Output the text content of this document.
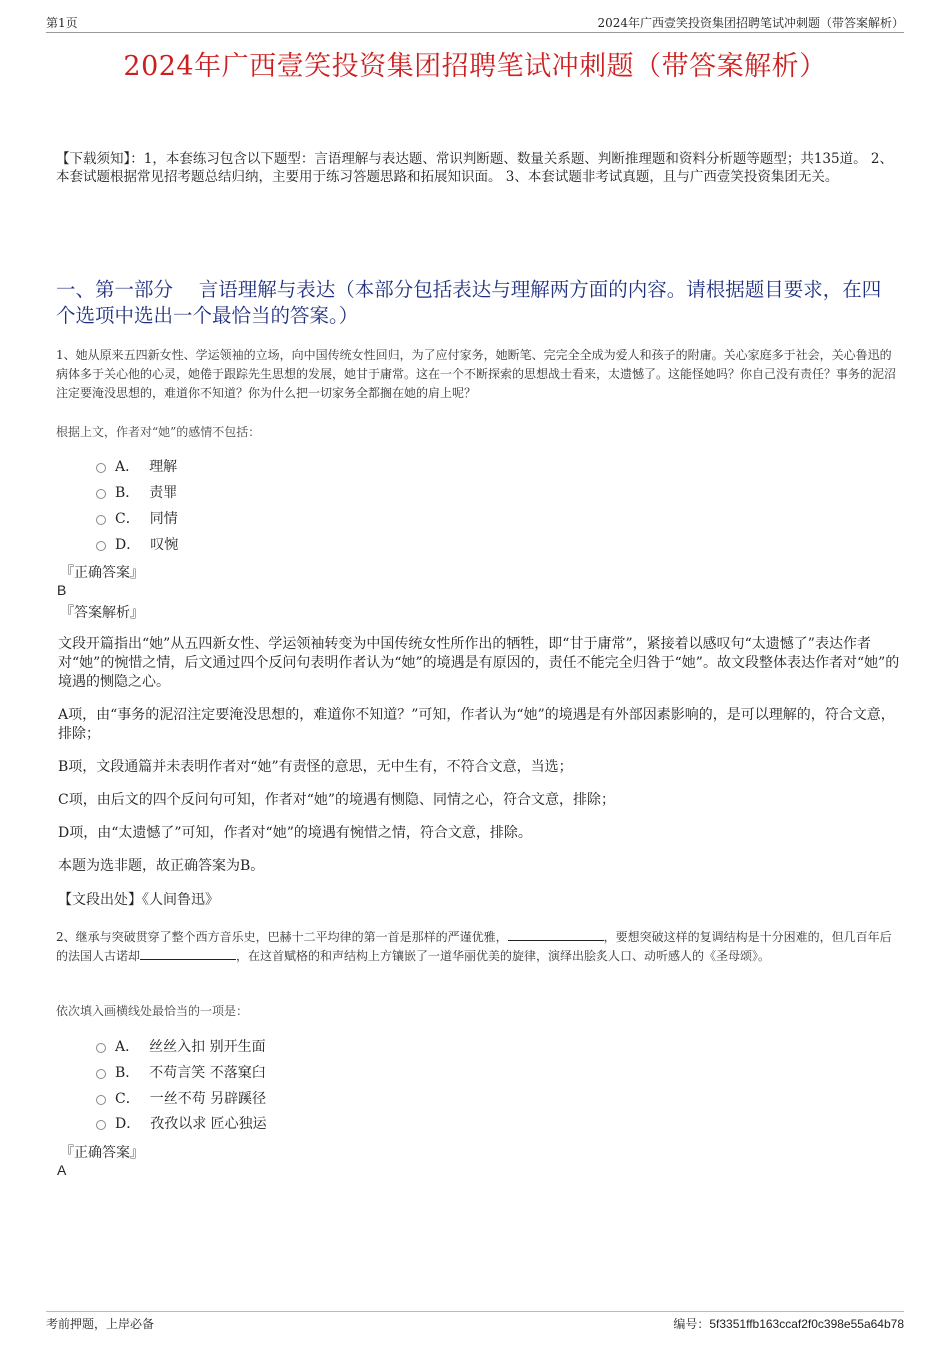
第1页	2024年广西壹笑投资集团招聘笔试冲刺题（带答案解析）
2024年广西壹笑投资集团招聘笔试冲刺题（带答案解析）
【下载须知】：1，本套练习包含以下题型：言语理解与表达题、常识判断题、数量关系题、判断推理题和资料分析题等题型；共135道。 2、本套试题根据常见招考题总结归纳，主要用于练习答题思路和拓展知识面。 3、本套试题非考试真题，且与广西壹笑投资集团无关。
一、第一部分　 言语理解与表达（本部分包括表达与理解两方面的内容。请根据题目要求，在四个选项中选出一个最恰当的答案。）
1、她从原来五四新女性、学运领袖的立场，向中国传统女性回归，为了应付家务，她断笔、完完全全成为爱人和孩子的附庸。关心家庭多于社会，关心鲁迅的病体多于关心他的心灵，她倦于跟踪先生思想的发展，她甘于庸常。这在一个不断探索的思想战士看来，太遗憾了。这能怪她吗？你自己没有责任？事务的泥沼注定要淹没思想的，难道你不知道？你为什么把一切家务全都搁在她的肩上呢？
根据上文，作者对“她”的感情不包括：
A． 理解
B． 责罪
C． 同情
D． 叹惋
『正确答案』
B
『答案解析』
文段开篇指出“她”从五四新女性、学运领袖转变为中国传统女性所作出的牺牲，即“甘于庸常”，紧接着以感叹句“太遗憾了”表达作者对“她”的惋惜之情，后文通过四个反问句表明作者认为“她”的境遇是有原因的，责任不能完全归咎于“她”。故文段整体表达作者对“她”的境遇的恻隐之心。
A项，由“事务的泥沼注定要淹没思想的，难道你不知道？”可知，作者认为“她”的境遇是有外部因素影响的，是可以理解的，符合文意，排除；
B项，文段通篇并未表明作者对“她”有责怪的意思，无中生有，不符合文意，当选；
C项，由后文的四个反问句可知，作者对“她”的境遇有恻隐、同情之心，符合文意，排除；
D项，由“太遗憾了”可知，作者对“她”的境遇有惋惜之情，符合文意，排除。
本题为选非题，故正确答案为B。
【文段出处】《人间鲁迅》
2、继承与突破贯穿了整个西方音乐史，巴赫十二平均律的第一首是那样的严谨优雅，	，要想突破这样的复调结构是十分困难的，但几百年后的法国人古诺却	，在这首赋格的和声结构上方镶嵌了一道华丽优美的旋律，演绎出脍炙人口、动听感人的《圣母颂》。
依次填入画横线处最恰当的一项是：
A． 丝丝入扣 别开生面
B． 不苟言笑 不落窠臼
C． 一丝不苟 另辟蹊径
D． 孜孜以求 匠心独运
『正确答案』
A
考前押题，上岸必备	编号：5f3351ffb163ccaf2f0c398e55a64b78
